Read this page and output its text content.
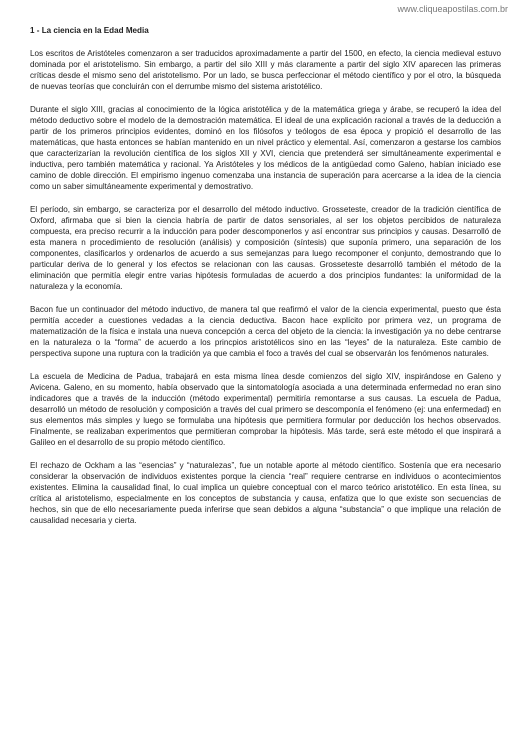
www.cliqueapostilas.com.br
1 - La ciencia en la Edad Media

Los escritos de Aristóteles comenzaron a ser traducidos aproximadamente a partir del 1500, en efecto, la ciencia medieval estuvo dominada por el aristotelismo. Sin embargo, a partir del silo XIII y más claramente a partir del siglo XIV aparecen las primeras críticas desde el mismo seno del aristotelismo. Por un lado, se busca perfeccionar el método científico y por el otro, la búsqueda de nuevas teorías que concluirán con el derrumbe mismo del sistema aristotélico.

Durante el siglo XIII, gracias al conocimiento de la lógica aristotélica y de la matemática griega y árabe, se recuperó la idea del método deductivo sobre el modelo de la demostración matemática. El ideal de una explicación racional a través de la deducción a partir de los primeros principios evidentes, dominó en los filósofos y teólogos de esa época y propició el desarrollo de las matemáticas, que hasta entonces se habían mantenido en un nivel práctico y elemental. Así, comenzaron a gestarse los cambios que caracterizarían la revolución científica de los siglos XII y XVI, ciencia que pretenderá ser simultáneamente experimental e inductiva, pero también matemática y racional. Ya Aristóteles y los médicos de la antigüedad como Galeno, habían iniciado ese camino de doble dirección. El empirismo ingenuo comenzaba una instancia de superación para acercarse a la idea de la ciencia como un saber simultáneamente experimental y demostrativo.

El período, sin embargo, se caracteriza por el desarrollo del método inductivo. Grosseteste, creador de la tradición científica de Oxford, afirmaba que si bien la ciencia habría de partir de datos sensoriales, al ser los objetos percibidos de naturaleza compuesta, era preciso recurrir a la inducción para poder descomponerlos y así encontrar sus principios y causas. Desarrolló de esta manera n procedimiento de resolución (análisis) y composición (síntesis) que suponía primero, una separación de los componentes, clasificarlos y ordenarlos de acuerdo a sus semejanzas para luego recomponer el conjunto, demostrando que lo particular deriva de lo general y los efectos se relacionan con las causas. Grosseteste desarrolló también el método de la eliminación que permitía elegir entre varias hipótesis formuladas de acuerdo a dos principios fundantes: la uniformidad de la naturaleza y la economía.

Bacon fue un continuador del método inductivo, de manera tal que reafirmó el valor de la ciencia experimental, puesto que ésta permitía acceder a cuestiones vedadas a la ciencia deductiva. Bacon hace explícito por primera vez, un programa de matematización de la física e instala una nueva concepción a cerca del objeto de la ciencia: la investigación ya no debe centrarse en la naturaleza o la “forma” de acuerdo a los princpios aristotélicos sino en las “leyes” de la naturaleza. Este cambio de perspectiva supone una ruptura con la tradición ya que cambia el foco a través del cual se observarán los fenómenos naturales.

La escuela de Medicina de Padua, trabajará en esta misma línea desde comienzos del siglo XIV, inspirándose en Galeno y Avicena. Galeno, en su momento, había observado que la sintomatología asociada a una determinada enfermedad no eran sino indicadores que a través de la inducción (método experimental) permitiría remontarse a sus causas. La escuela de Padua, desarrolló un método de resolución y composición a través del cual primero se descomponía el fenómeno (ej: una enfermedad) en sus elementos más simples y luego se formulaba una hipótesis que permitiera formular por deducción los hechos observados. Finalmente, se realizaban experimentos que permitieran comprobar la hipótesis. Más tarde, será este método el que inspirará a Galileo en el desarrollo de su propio método científico.

El rechazo de Ockham a las “esencias” y “naturalezas”, fue un notable aporte al método científico. Sostenía que era necesario considerar la observación de individuos existentes porque la ciencia “real” requiere centrarse en individuos o acontecimientos existentes. Elimina la causalidad final, lo cual implica un quiebre conceptual con el marco teórico aristotélico. En esta línea, su crítica al aristotelismo, especialmente en los conceptos de substancia y causa, enfatiza que lo que existe son secuencias de hechos, sin que de ello necesariamente pueda inferirse que sean debidos a alguna “substancia” o que implique una relación de causalidad necesaria y cierta.
